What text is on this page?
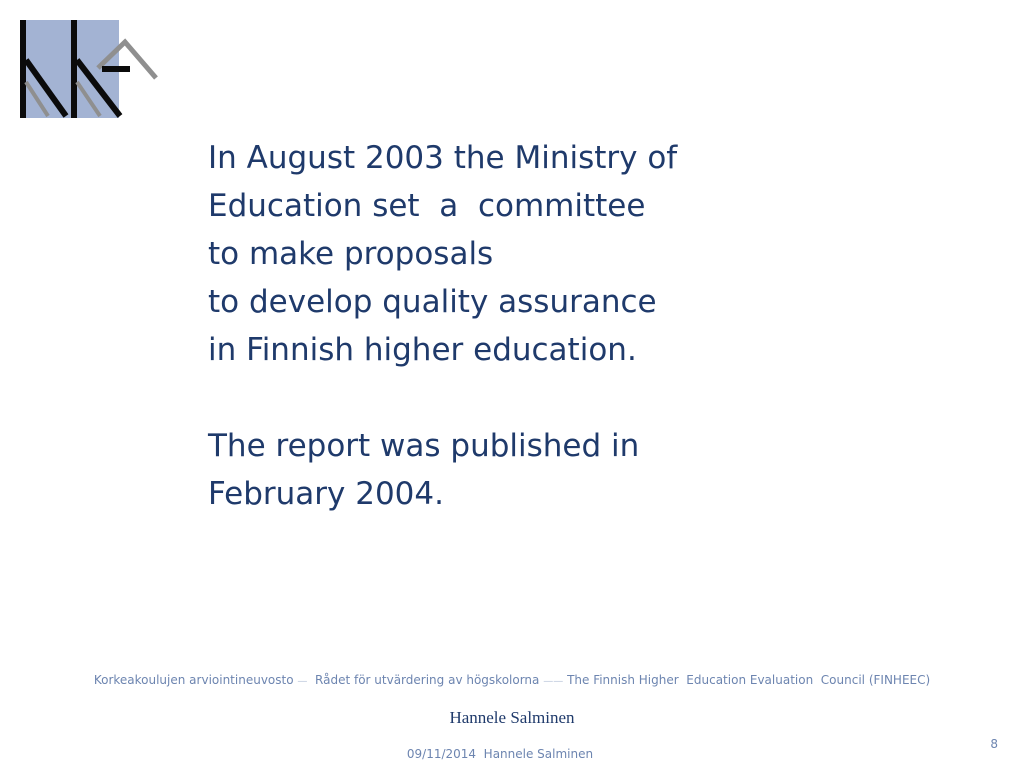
In August 2003 the Ministry of
Education set  a  committee
to make proposals
to develop quality assurance
in Finnish higher education.
The report was published in
February 2004.
Korkeakoulujen arviointineuvosto — Rådet för utvärdering av högskolorna —— The Finnish Higher  Education Evaluation  Council (FINHEEC)
Hannele Salminen
09/11/2014  Hannele Salminen
8
